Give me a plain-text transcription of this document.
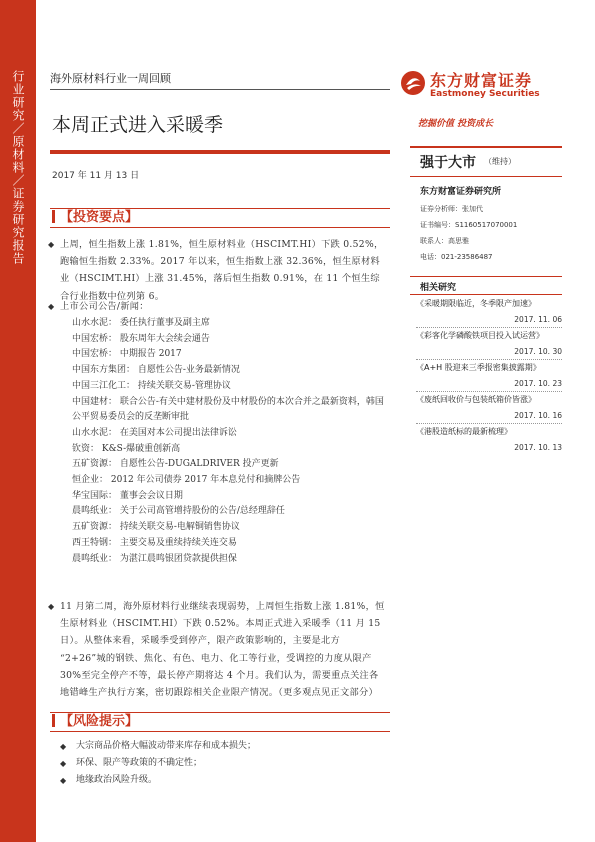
行业研究／原材料／证券研究报告	海外原材料行业一周回顾
本周正式进入采暖季
2017 年 11 月 13 日
【投资要点】
◆ 上周，恒生指数上涨 1.81%，恒生原材料业（HSCIMT.HI）下跌 0.52%，跑输恒生指数 2.33%。2017 年以来，恒生指数上涨 32.36%，恒生原材料业（HSCIMT.HI）上涨 31.45%，落后恒生指数 0.91%，在 11 个恒生综合行业指数中位列第 6。
◆ 上市公司公告/新闻：
山水水泥： 委任执行董事及副主席
中国宏桥： 股东周年大会续会通告
中国宏桥： 中期报告 2017
中国东方集团： 自愿性公告-业务最新情况
中国三江化工： 持续关联交易-管理协议
中国建材： 联合公告-有关中建材股份及中材股份的本次合并之最新资料，韩国公平贸易委员会的反垄断审批
山水水泥： 在美国对本公司提出法律诉讼
钦资： K&S-爆破重创新高
五矿资源： 自愿性公告-DUGALDRIVER 投产更新
恒企业： 2012 年公司债券 2017 年本息兑付和摘牌公告
华宝国际： 董事会会议日期
晨鸣纸业： 关于公司高管增持股份的公告/总经理辞任
五矿资源： 持续关联交易-电解铜销售协议
西王特钢： 主要交易及重续持续关连交易
晨鸣纸业： 为湛江晨鸣银团贷款提供担保
◆ 11 月第二周，海外原材料行业继续表现弱势，上周恒生指数上涨 1.81%，恒生原材料业（HSCIMT.HI）下跌 0.52%。本周正式进入采暖季（11 月 15 日）。从整体来看，采暖季受到停产，限产政策影响的，主要是北方 “2+26”城的钢铁、焦化、有色、电力、化工等行业，受调控的力度从限产 30%至完全停产不等，最长停产期将达 4 个月。我们认为，需要重点关注各地错峰生产执行方案，密切跟踪相关企业限产情况。（更多观点见正文部分）
【风险提示】
◆ 大宗商品价格大幅波动带来库存和成本损失；
◆ 环保、限产等政策的不确定性；
◆ 地缘政治风险升级。
东方财富证券
Eastmoney Securities
挖掘价值 投资成长
强于大市 （维持）
东方财富证券研究所
证券分析师：张加代
证书编号：S1160517070001
联系人：高思雅
电话：021-23586487
相关研究
《采暖期限临近，冬季限产加速》
2017. 11. 06
《彩客化学磷酸铁项目投入试运营》
2017. 10. 30
《A+H 股迎来三季报密集披露期》
2017. 10. 23
《废纸回收价与包装纸箱价皆涨》
2017. 10. 16
《港股造纸标的最新梳理》
2017. 10. 13
